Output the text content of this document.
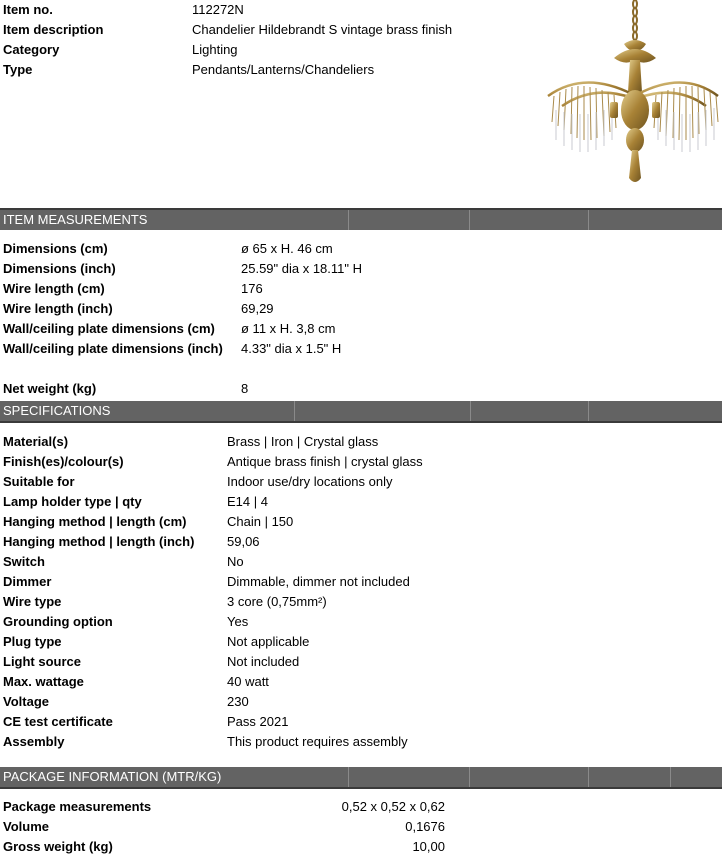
Item no.	112272N
Item description	Chandelier Hildebrandt S vintage brass finish
Category	Lighting
Type	Pendants/Lanterns/Chandeliers
ITEM MEASUREMENTS
Dimensions (cm)	ø 65 x H. 46 cm
Dimensions (inch)	25.59" dia x 18.11" H
Wire length (cm)	176
Wire length (inch)	69,29
Wall/ceiling plate dimensions (cm) ø 11 x H. 3,8 cm
Wall/ceiling plate dimensions (inch) 4.33" dia x 1.5" H
Net weight (kg)	8
SPECIFICATIONS
Material(s)	Brass | Iron | Crystal glass
Finish(es)/colour(s)	Antique brass finish | crystal glass
Suitable for	Indoor use/dry locations only
Lamp holder type | qty	E14 | 4
Hanging method | length (cm)	Chain | 150
Hanging method | length (inch)	59,06
Switch	No
Dimmer	Dimmable, dimmer not included
Wire type	3 core (0,75mm²)
Grounding option	Yes
Plug type	Not applicable
Light source	Not included
Max. wattage	40 watt
Voltage	230
CE test certificate	Pass 2021
Assembly	This product requires assembly
PACKAGE INFORMATION (MTR/KG)
Package measurements	0,52 x 0,52 x 0,62
Volume	0,1676
Gross weight (kg)	10,00
